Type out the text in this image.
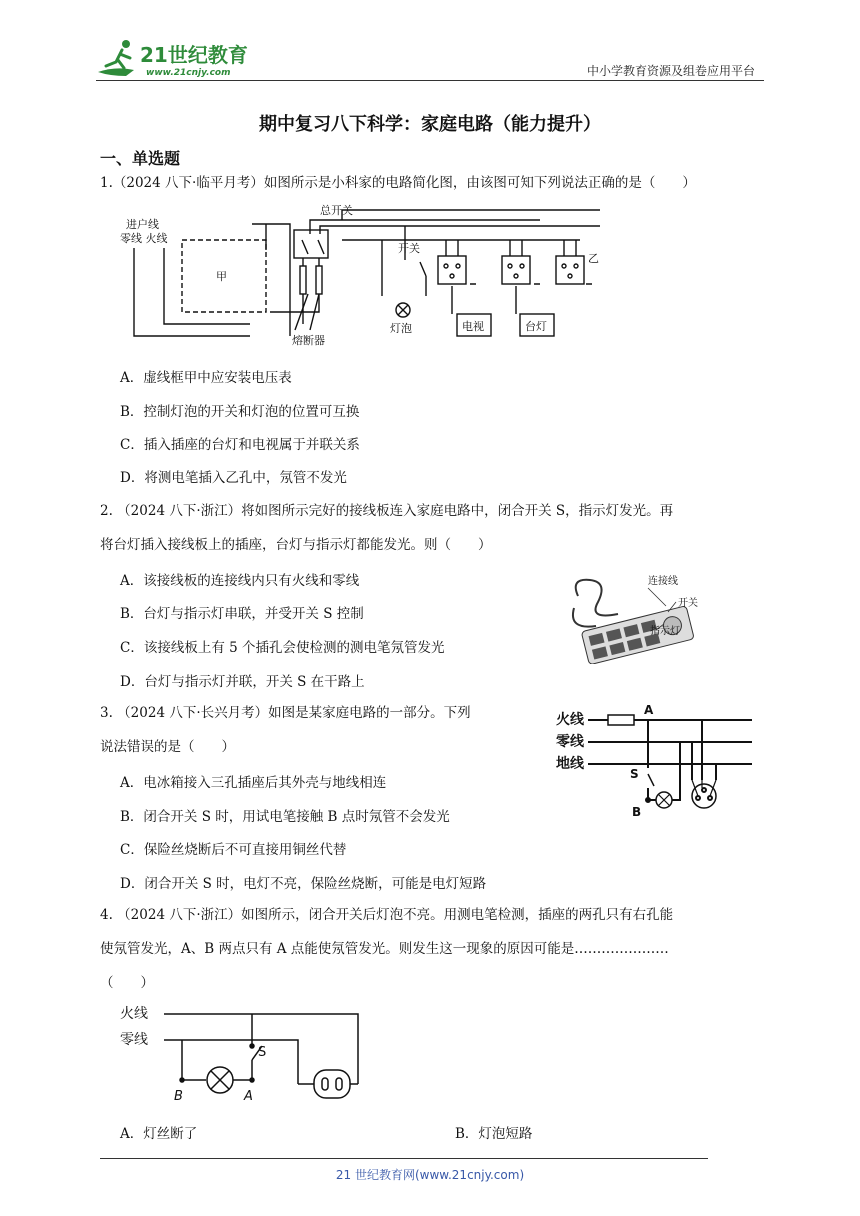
21世纪教育
www.21cnjy.com	中小学教育资源及组卷应用平台
期中复习八下科学：家庭电路（能力提升）
一、单选题
1.（2024 八下·临平月考）如图所示是小科家的电路简化图，由该图可知下列说法正确的是（　　）
进户线
零线 火线
甲
总开关
熔断器
开关
灯泡
乙
电视	台灯
A．虚线框甲中应安装电压表
B．控制灯泡的开关和灯泡的位置可互换
C．插入插座的台灯和电视属于并联关系
D．将测电笔插入乙孔中，氖管不发光
2. （2024 八下·浙江）将如图所示完好的接线板连入家庭电路中，闭合开关 S，指示灯发光。再
将台灯插入接线板上的插座，台灯与指示灯都能发光。则（　　）
A．该接线板的连接线内只有火线和零线
B．台灯与指示灯串联，并受开关 S 控制
C．该接线板上有 5 个插孔会使检测的测电笔氖管发光
D．台灯与指示灯并联，开关 S 在干路上
连接线
开关
指示灯
3. （2024 八下·长兴月考）如图是某家庭电路的一部分。下列
说法错误的是（　　）
A．电冰箱接入三孔插座后其外壳与地线相连
B．闭合开关 S 时，用试电笔接触 B 点时氖管不会发光
C．保险丝烧断后不可直接用铜丝代替
D．闭合开关 S 时，电灯不亮，保险丝烧断，可能是电灯短路
火线
零线
地线
A
S
B
4. （2024 八下·浙江）如图所示，闭合开关后灯泡不亮。用测电笔检测，插座的两孔只有右孔能
使氖管发光，A、B 两点只有 A 点能使氖管发光。则发生这一现象的原因可能是…………………
（　　）
火线
零线
B	A
S
A．灯丝断了	B．灯泡短路
21 世纪教育网(www.21cnjy.com)
